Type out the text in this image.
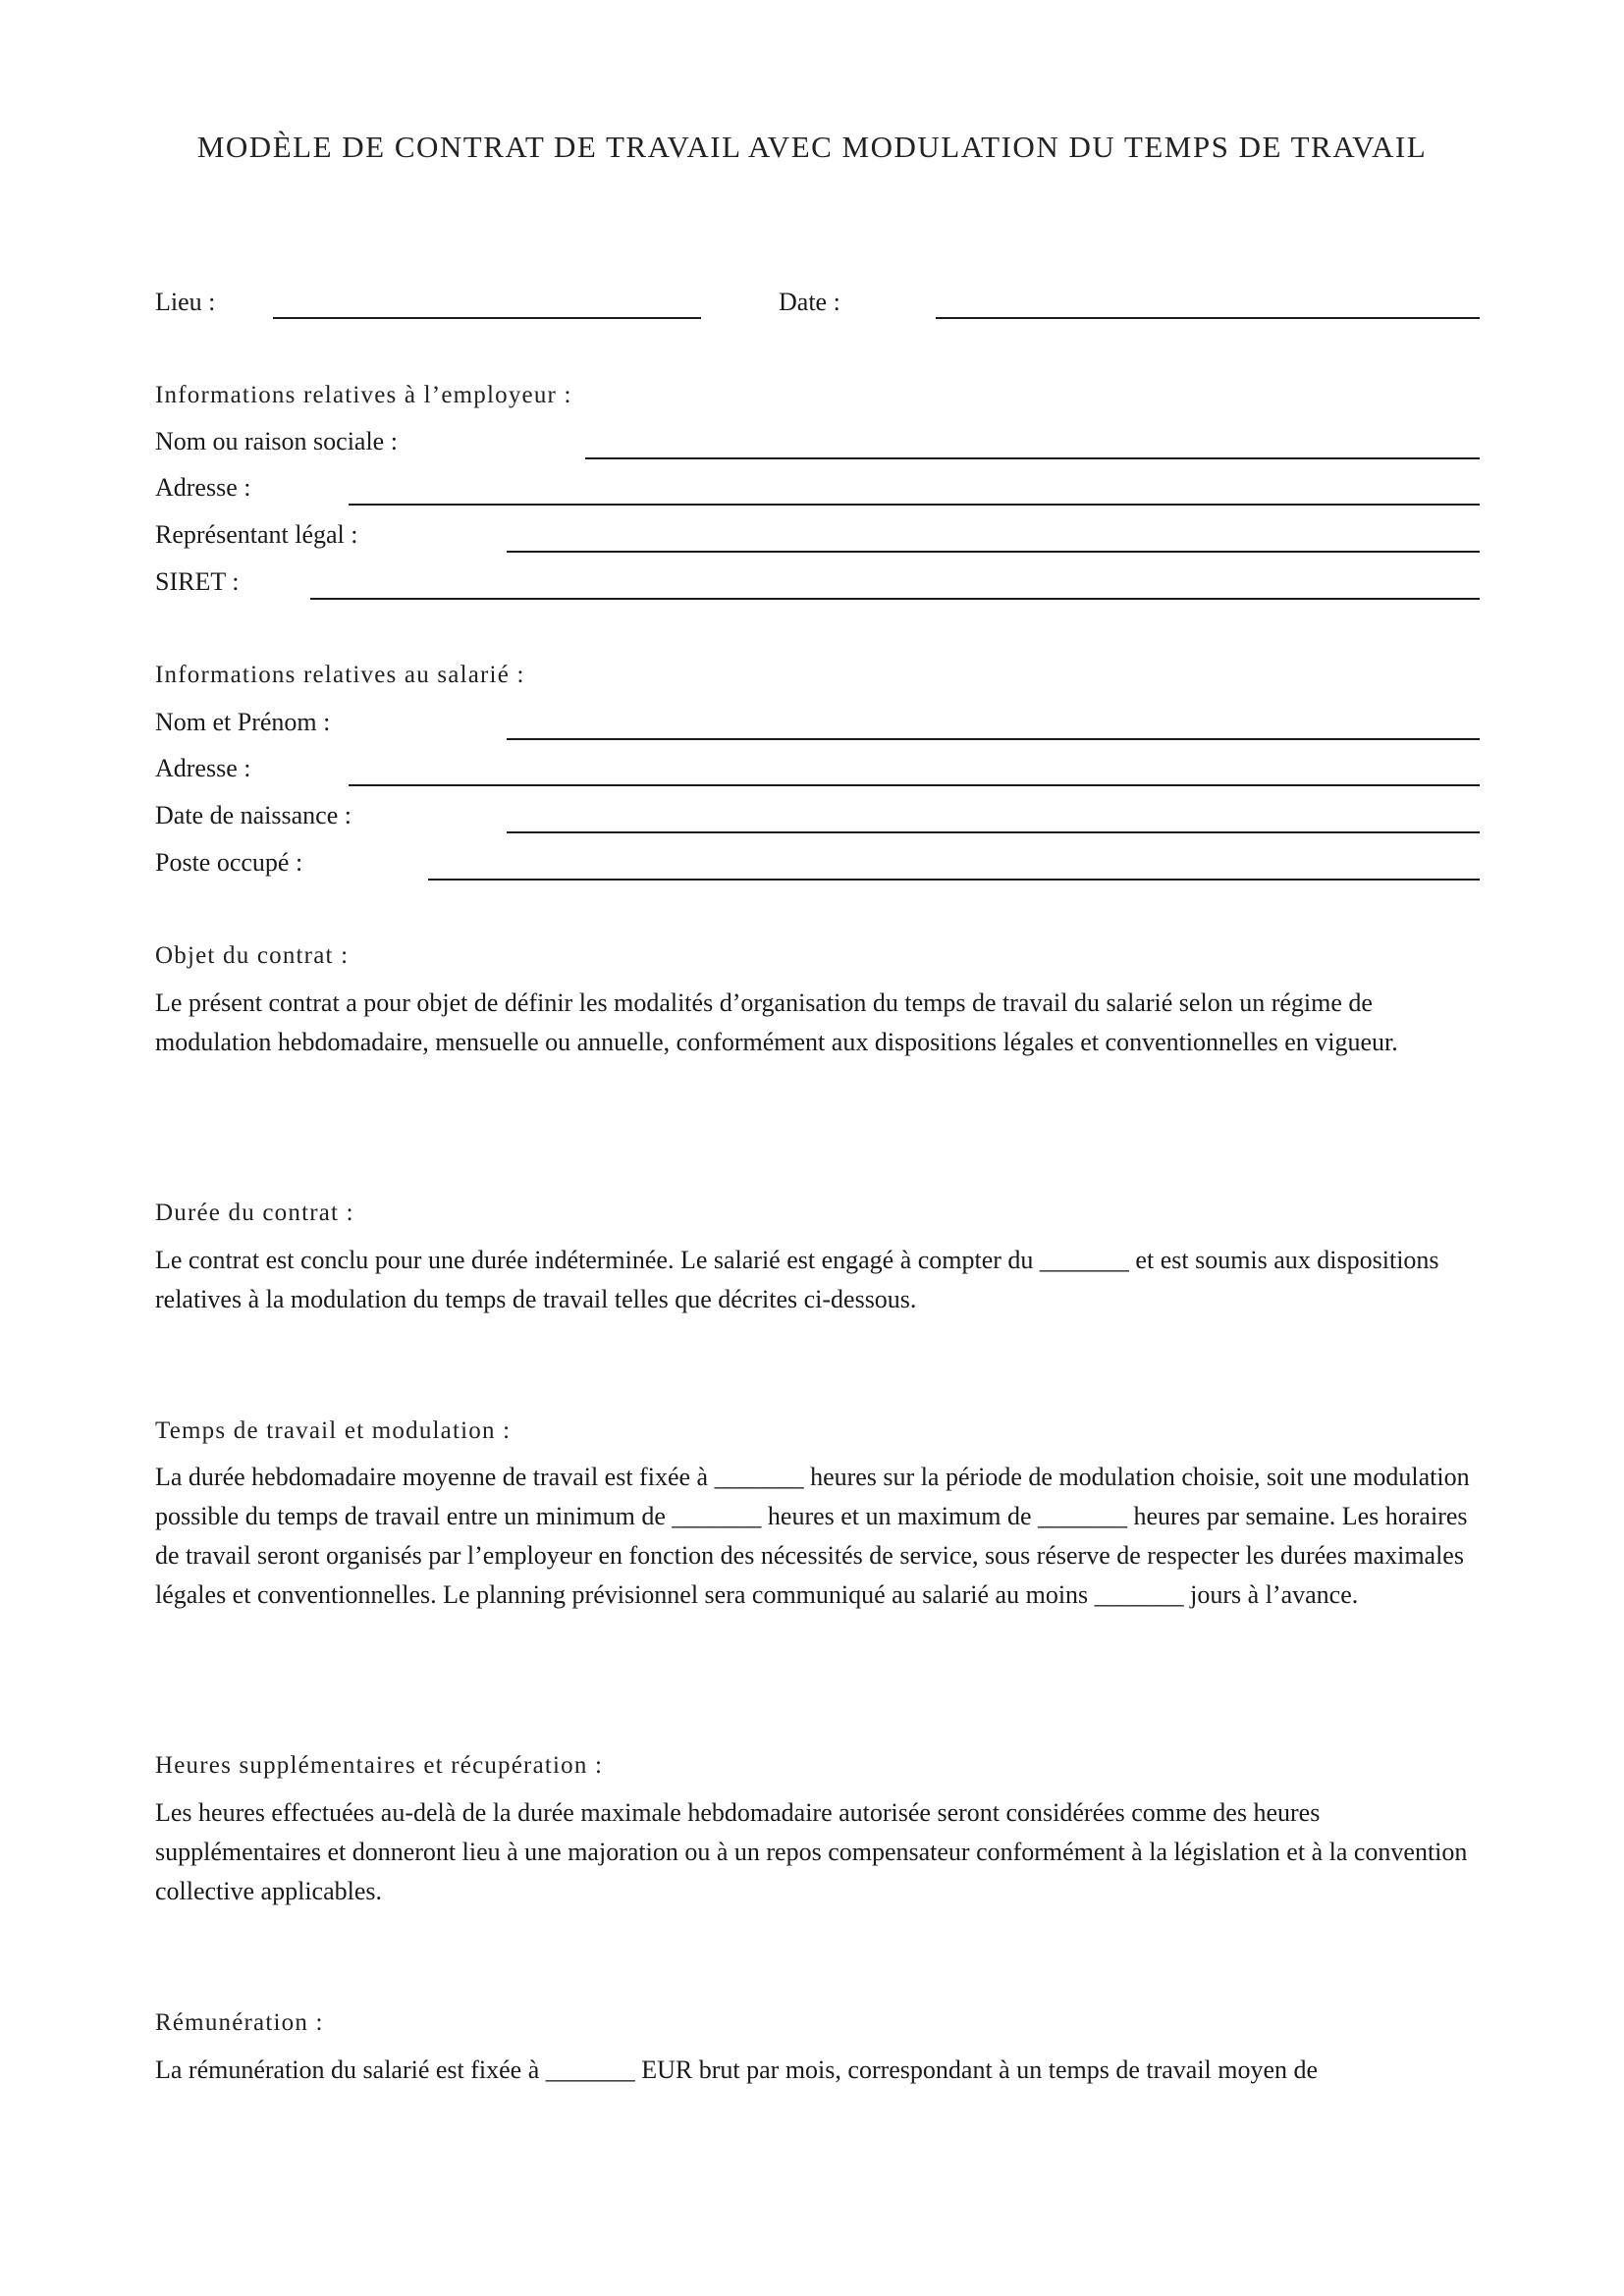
MODÈLE DE CONTRAT DE TRAVAIL AVEC MODULATION DU TEMPS DE TRAVAIL
Lieu :	Date :
Informations relatives à l’employeur :
Nom ou raison sociale :
Adresse :
Représentant légal :
SIRET :
Informations relatives au salarié :
Nom et Prénom :
Adresse :
Date de naissance :
Poste occupé :
Objet du contrat :
Le présent contrat a pour objet de définir les modalités d’organisation du temps de travail du salarié selon un régime de modulation hebdomadaire, mensuelle ou annuelle, conformément aux dispositions légales et conventionnelles en vigueur.
Durée du contrat :
Le contrat est conclu pour une durée indéterminée. Le salarié est engagé à compter du _______ et est soumis aux dispositions relatives à la modulation du temps de travail telles que décrites ci-dessous.
Temps de travail et modulation :
La durée hebdomadaire moyenne de travail est fixée à _______ heures sur la période de modulation choisie, soit une modulation possible du temps de travail entre un minimum de _______ heures et un maximum de _______ heures par semaine. Les horaires de travail seront organisés par l’employeur en fonction des nécessités de service, sous réserve de respecter les durées maximales légales et conventionnelles. Le planning prévisionnel sera communiqué au salarié au moins _______ jours à l’avance.
Heures supplémentaires et récupération :
Les heures effectuées au-delà de la durée maximale hebdomadaire autorisée seront considérées comme des heures supplémentaires et donneront lieu à une majoration ou à un repos compensateur conformément à la législation et à la convention collective applicables.
Rémunération :
La rémunération du salarié est fixée à _______ EUR brut par mois, correspondant à un temps de travail moyen de
